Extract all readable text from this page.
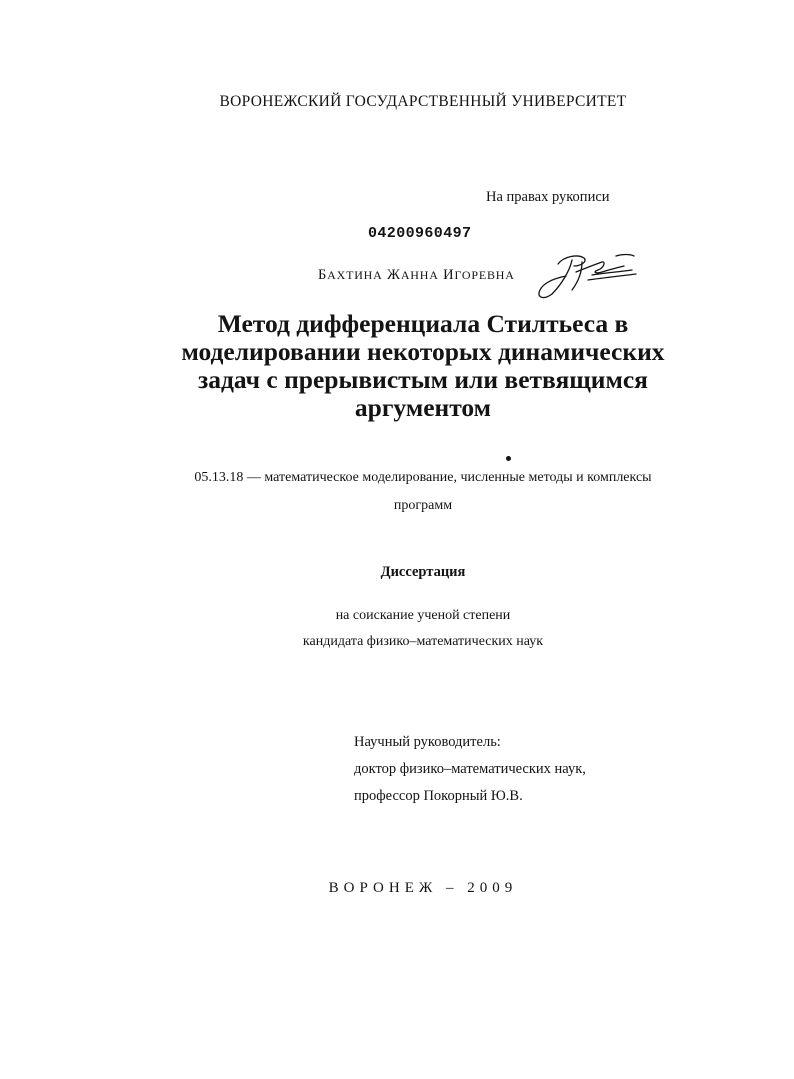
ВОРОНЕЖСКИЙ ГОСУДАРСТВЕННЫЙ УНИВЕРСИТЕТ
На правах рукописи
04200960497
БАХТИНА ЖАННА ИГОРЕВНА
Метод дифференциала Стилтьеса в
моделировании некоторых динамических
задач с прерывистым или ветвящимся
аргументом
05.13.18 — математическое моделирование, численные методы и комплексы
программ
Диссертация
на соискание ученой степени
кандидата физико–математических наук
Научный руководитель:
доктор физико–математических наук,
профессор Покорный Ю.В.
ВОРОНЕЖ – 2009
